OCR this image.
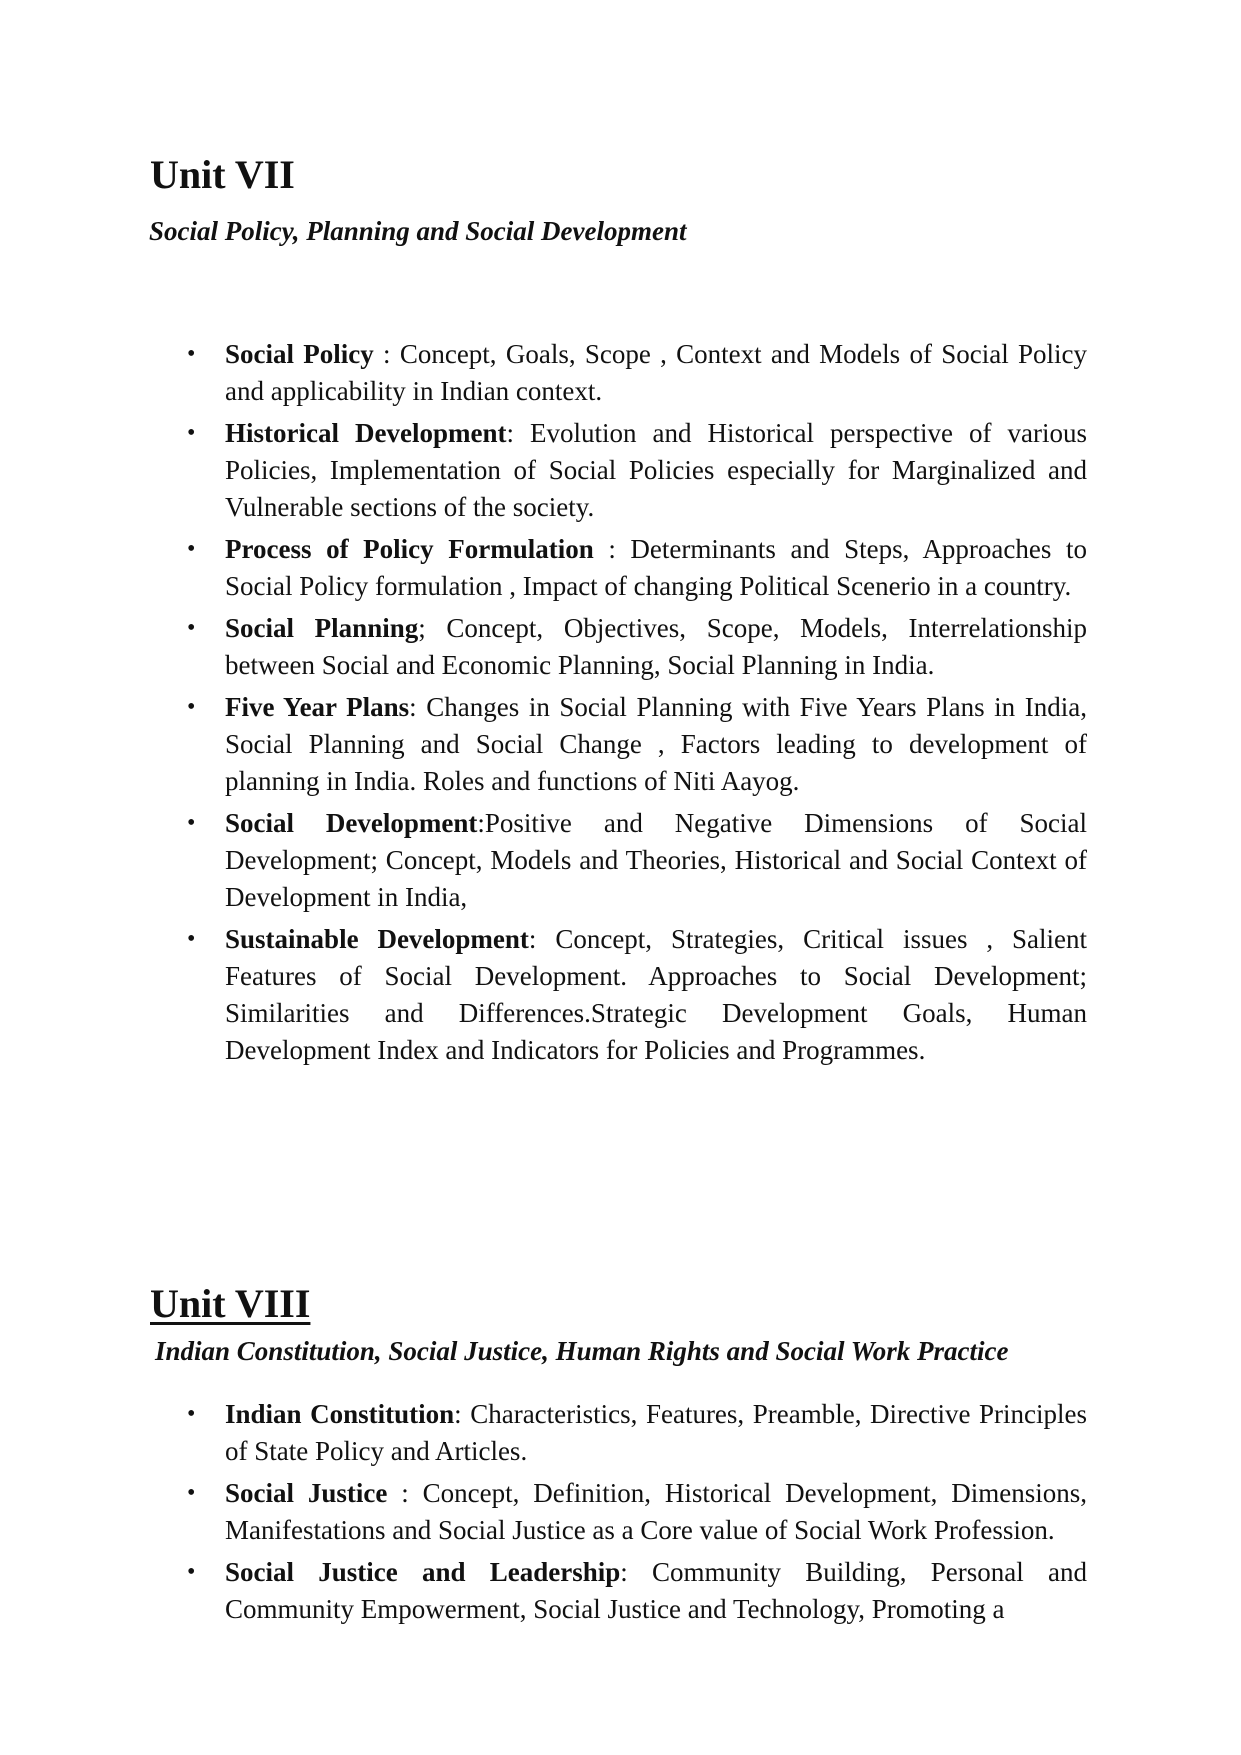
Unit VII

Social Policy, Planning and Social Development

• Social Policy : Concept, Goals, Scope , Context and Models of Social Policy and applicability in Indian context.
• Historical Development: Evolution and Historical perspective of various Policies, Implementation of Social Policies especially for Marginalized and Vulnerable sections of the society.
• Process of Policy Formulation : Determinants and Steps, Approaches to Social Policy formulation , Impact of changing Political Scenerio in a country.
• Social Planning; Concept, Objectives, Scope, Models, Interrelationship between Social and Economic Planning, Social Planning in India.
• Five Year Plans: Changes in Social Planning with Five Years Plans in India, Social Planning and Social Change , Factors leading to development of planning in India. Roles and functions of Niti Aayog.
• Social Development:Positive and Negative Dimensions of Social Development; Concept, Models and Theories, Historical and Social Context of Development in India,
• Sustainable Development: Concept, Strategies, Critical issues , Salient Features of Social Development. Approaches to Social Development; Similarities and Differences.Strategic Development Goals, Human Development Index and Indicators for Policies and Programmes.
Unit VIII

Indian Constitution, Social Justice, Human Rights and Social Work Practice

• Indian Constitution: Characteristics, Features, Preamble, Directive Principles of State Policy and Articles.
• Social Justice : Concept, Definition, Historical Development, Dimensions, Manifestations and Social Justice as a Core value of Social Work Profession.
• Social Justice and Leadership: Community Building, Personal and Community Empowerment, Social Justice and Technology, Promoting a
